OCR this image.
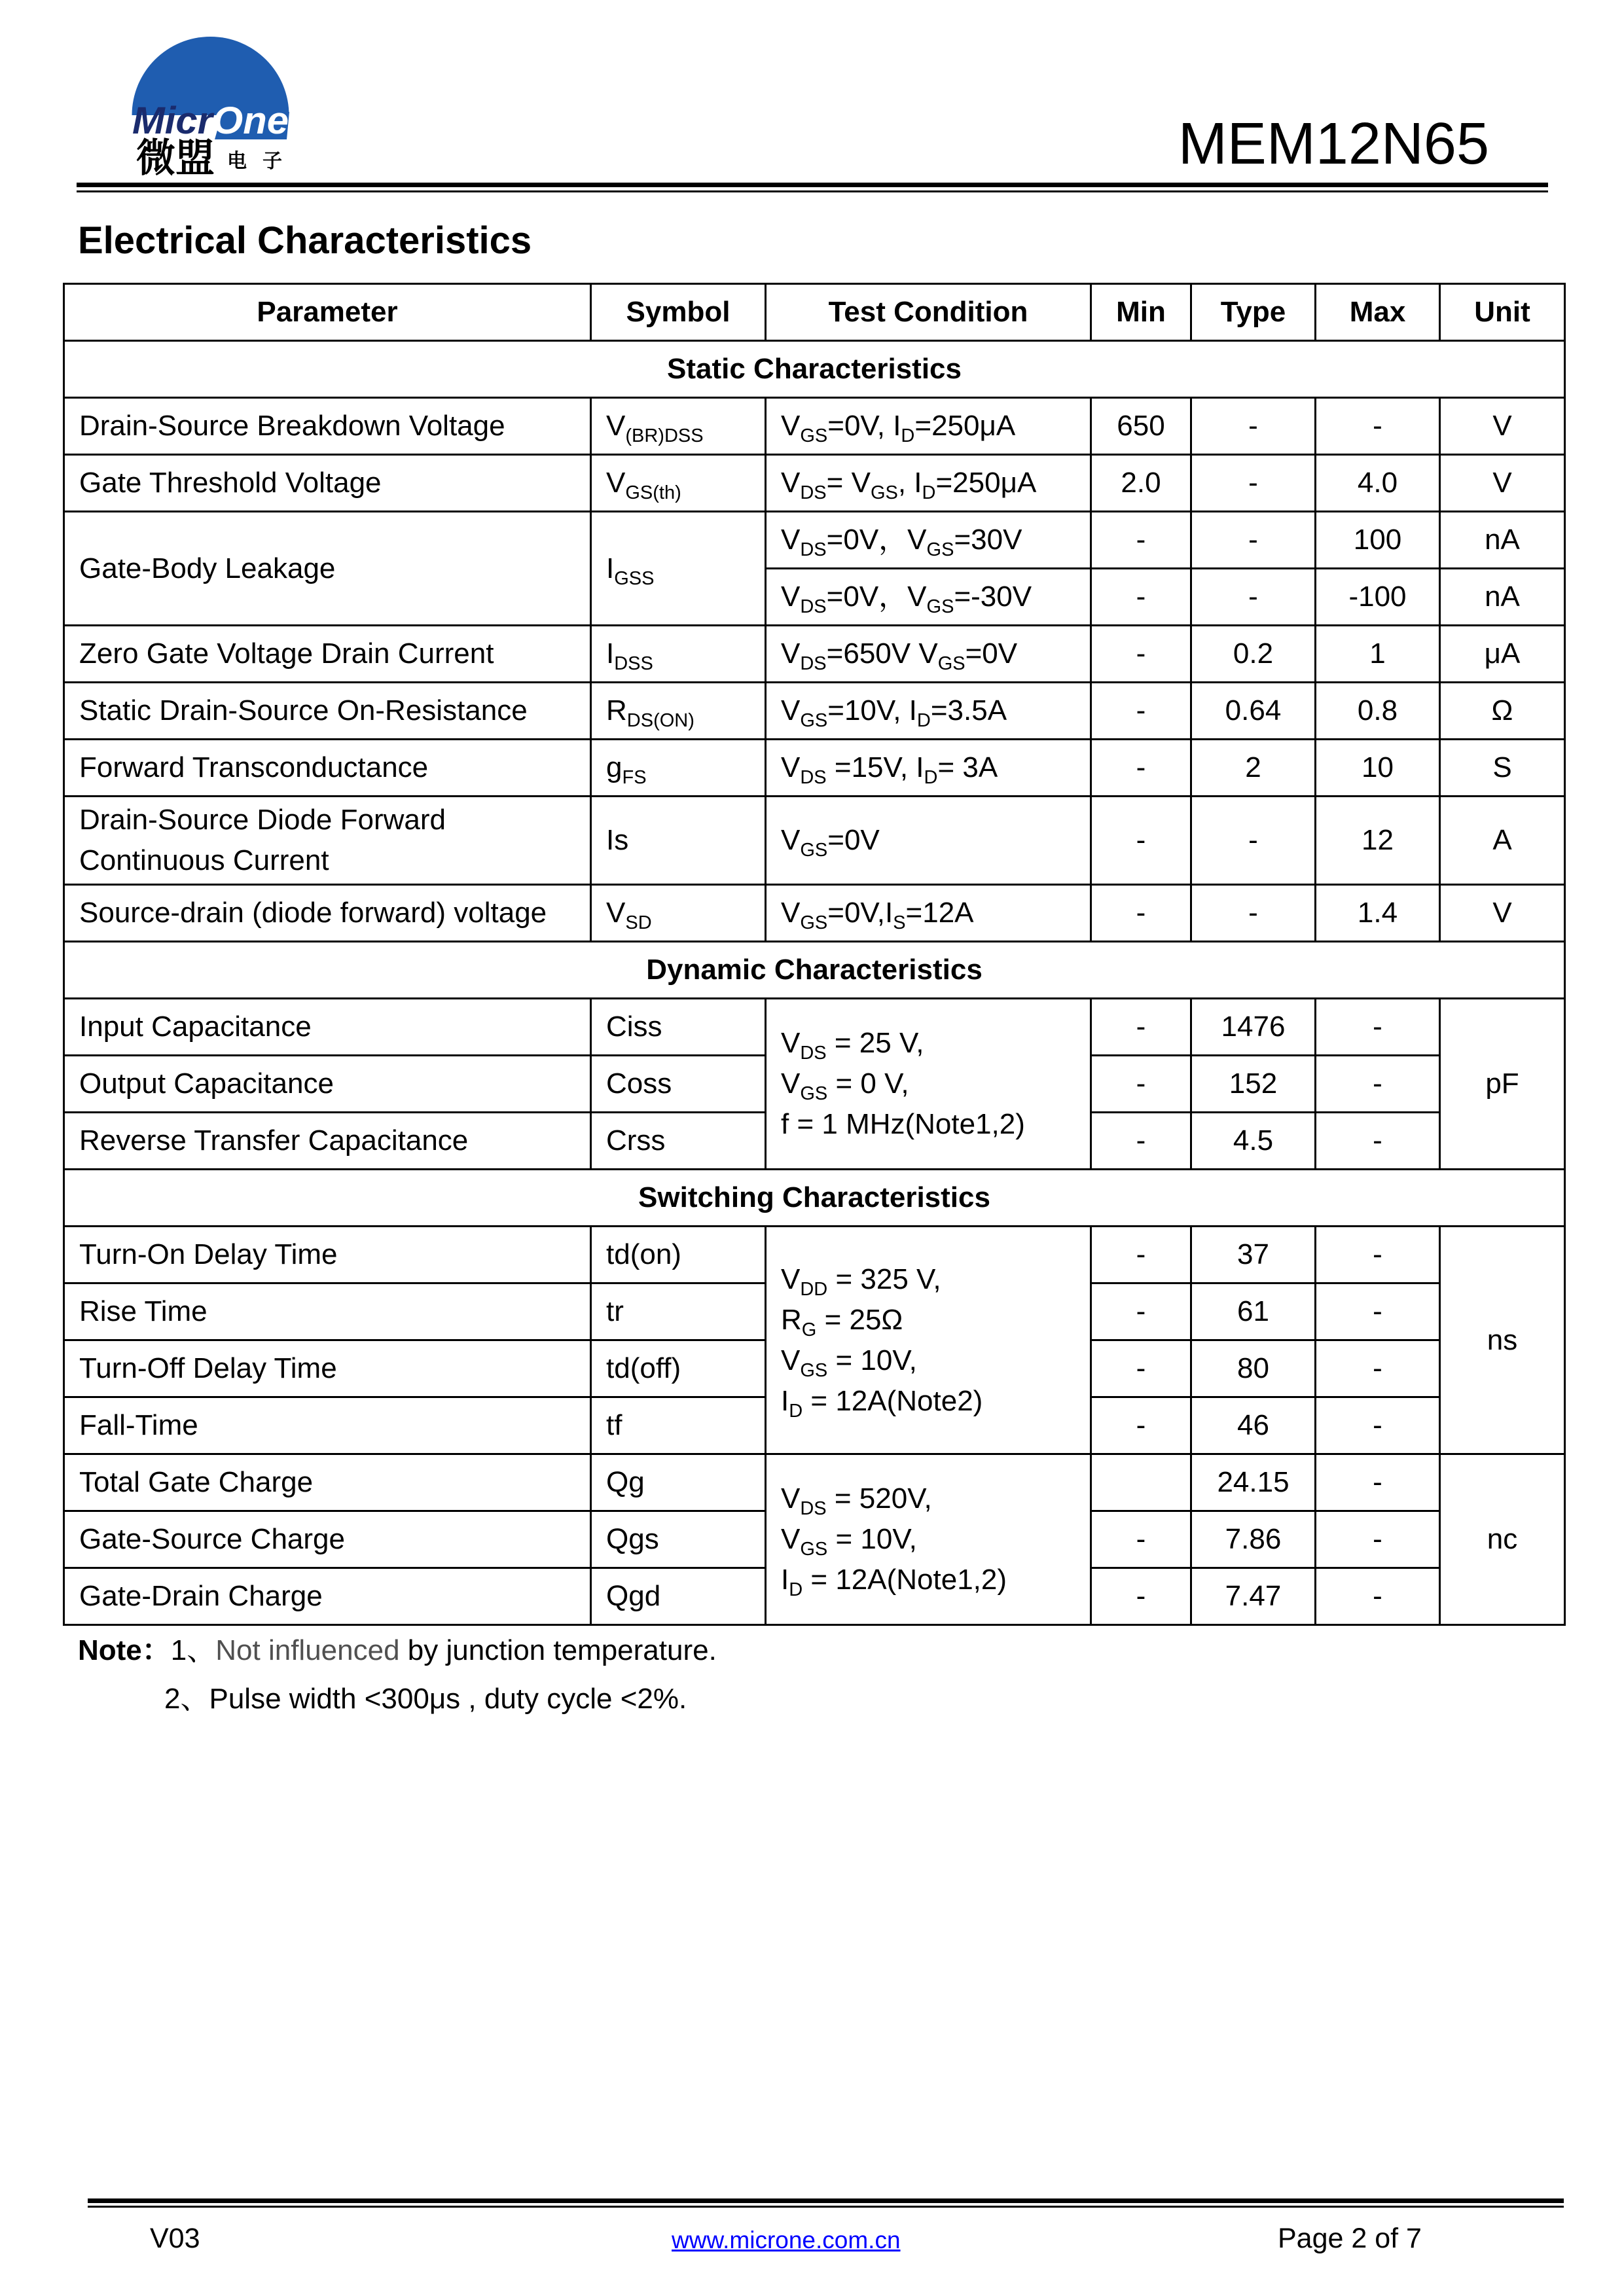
MicrOne
微盟 电子	MEM12N65
Electrical Characteristics
Parameter	Symbol	Test Condition	Min	Type	Max	Unit
Static Characteristics						
Drain-Source Breakdown Voltage	$V_{(BR)DSS}$	$V_{GS}=0V$, $I_D=250\mu A$	650	-	-	V
Gate Threshold Voltage	$V_{GS(th)}$	$V_{DS}= V_{GS}$, $I_D=250\mu A$	2.0	-	4.0	V

Gate-Body Leakage	$I_{GSS}$	$V_{DS}=0V$，$V_{GS}=30V$	-	-	100	nA
		$V_{DS}=0V$，$V_{GS}=-30V$	-	-	-100	nA
Zero Gate Voltage Drain Current	$I_{DSS}$	$V_{DS}=650V$ $V_{GS}=0V$	-	0.2	1	μA
Static Drain-Source On-Resistance	$R_{DS(ON)}$	$V_{GS}=10V$, $I_D=3.5A$	-	0.64	0.8	Ω
Forward Transconductance	$g_{FS}$	$V_{DS} =15V$, $I_D= 3A$	-	2	10	S

Drain-Source Diode Forward
Continuous Current	Is	$V_{GS}=0V$	-	-	12	A
Source-drain (diode forward) voltage	$V_{SD}$	$V_{GS}=0V,I_S=12A$	-	-	1.4	V
Dynamic Characteristics						
Input Capacitance	Ciss	$V_{DS} = 25$ V,
$V_{GS} = 0$ V,
f = 1 MHz(Note1,2)	-	1476	-	pF

Output Capacitance	Coss		-	152	-	
Reverse Transfer Capacitance	Crss		-	4.5	-	
Switching Characteristics						
Turn-On Delay Time	td(on)	$V_{DD} = 325$ V,
$R_G = 25\Omega$
$V_{GS} = 10V$,
$I_D$ = 12A(Note2)	-	37	-	ns

Rise Time	tr		-	61	-	
Turn-Off Delay Time	td(off)		-	80	-	
Fall-Time	tf		-	46	-	
Total Gate Charge	Qg	$V_{DS} = 520V$,
$V_{GS} = 10V$,
$I_D$ = 12A(Note1,2)		24.15	-	nc

Gate-Source Charge	Qgs		-	7.86	-	
Gate-Drain Charge	Qgd		-	7.47	-	
Note：1、Not influenced by junction temperature.
2、Pulse width <300μs , duty cycle <2%.
V03	www.microne.com.cn	Page 2 of 7
